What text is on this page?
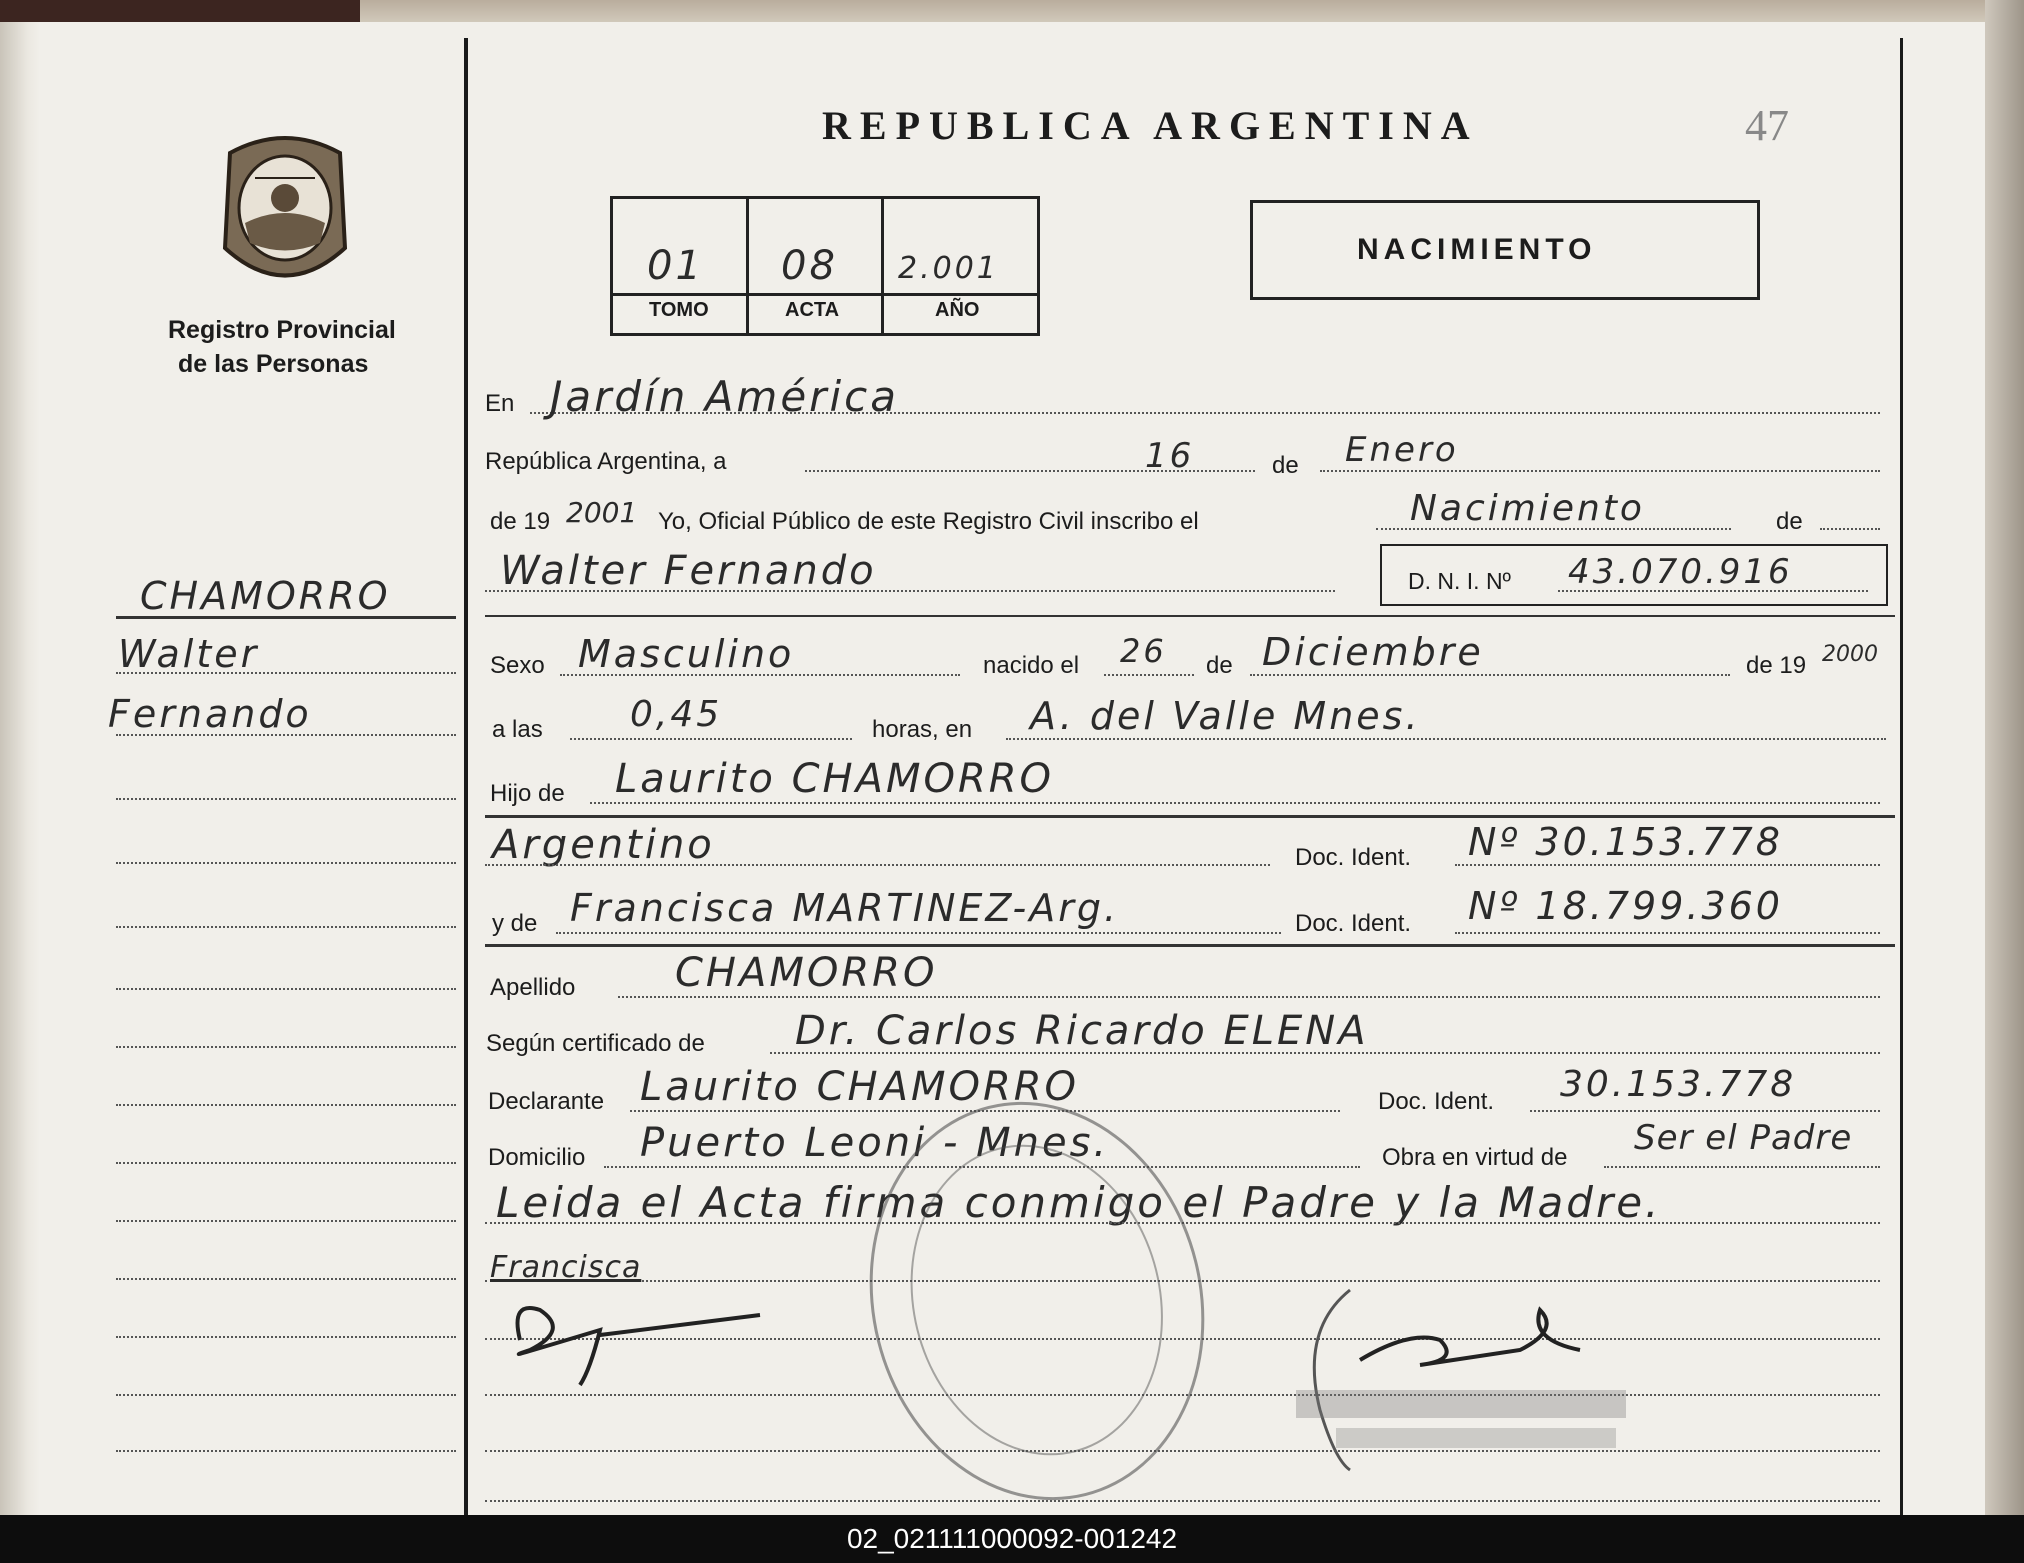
Registro Provincial
de las Personas
REPUBLICA ARGENTINA	47
01 08 2.001
TOMO	ACTA	AÑO
NACIMIENTO
CHAMORRO
Walter
Fernando
En Jardín América
República Argentina, a	16	de Enero
de 19 2001 Yo, Oficial Público de este Registro Civil inscribo el	Nacimiento	de
Walter Fernando	D. N. I. Nº 43.070.916
Sexo Masculino	nacido el 26 de Diciembre	de 19 2000
a las 0,45	horas, en A. del Valle Mnes.
Hijo de Laurito CHAMORRO
Argentino	Doc. Ident. Nº 30.153.778
y de Francisca MARTINEZ-Arg.	Doc. Ident. Nº 18.799.360
Apellido CHAMORRO
Según certificado de Dr. Carlos Ricardo ELENA
Declarante Laurito CHAMORRO	Doc. Ident. 30.153.778
Domicilio Puerto Leoni - Mnes.	Obra en virtud de Ser el Padre
Leida el Acta firma conmigo el Padre y la Madre.
Francisca
02_021111000092-001242
